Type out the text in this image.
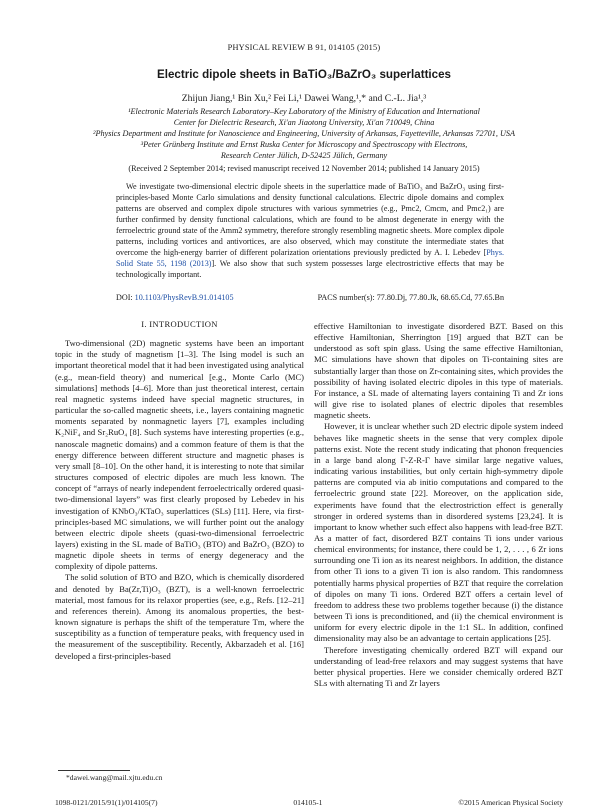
PHYSICAL REVIEW B 91, 014105 (2015)
Electric dipole sheets in BaTiO₃/BaZrO₃ superlattices
Zhijun Jiang,¹ Bin Xu,² Fei Li,¹ Dawei Wang,¹,* and C.-L. Jia¹,³
¹Electronic Materials Research Laboratory–Key Laboratory of the Ministry of Education and International
Center for Dielectric Research, Xi'an Jiaotong University, Xi'an 710049, China
²Physics Department and Institute for Nanoscience and Engineering, University of Arkansas, Fayetteville, Arkansas 72701, USA
³Peter Grünberg Institute and Ernst Ruska Center for Microscopy and Spectroscopy with Electrons,
Research Center Jülich, D-52425 Jülich, Germany
(Received 2 September 2014; revised manuscript received 12 November 2014; published 14 January 2015)

We investigate two-dimensional electric dipole sheets in the superlattice made of BaTiO₃ and BaZrO₃ using first-principles-based Monte Carlo simulations and density functional calculations. Electric dipole domains and complex patterns are observed and complex dipole structures with various symmetries (e.g., Pmc2, Cmcm, and Pmc2₁) are further confirmed by density functional calculations, which are found to be almost degenerate in energy with the ferroelectric ground state of the Amm2 symmetry, therefore strongly resembling magnetic sheets. More complex dipole patterns, including vortices and antivortices, are also observed, which may constitute the intermediate states that overcome the high-energy barrier of different polarization orientations previously predicted by A. I. Lebedev [Phys. Solid State 55, 1198 (2013)]. We also show that such system possesses large electrostrictive effects that may be technologically important.

DOI: 10.1103/PhysRevB.91.014105	PACS number(s): 77.80.Dj, 77.80.Jk, 68.65.Cd, 77.65.Bn
I. INTRODUCTION

Two-dimensional (2D) magnetic systems have been an important topic in the study of magnetism [1–3]. The Ising model is such an important theoretical model that it had been investigated using analytical (e.g., mean-field theory) and numerical [e.g., Monte Carlo (MC) simulations] methods [4–6]. More than just theoretical interest, certain real magnetic systems indeed have special magnetic structures, in particular the so-called magnetic sheets, i.e., layers containing magnetic moments separated by nonmagnetic layers [7], examples including K₂NiF₄ and Sr₂RuO₄ [8]. Such systems have interesting properties (e.g., nanoscale magnetic domains) and a common feature of them is that the energy difference between different structure and magnetic phases is very small [8–10]. On the other hand, it is interesting to note that similar structures composed of electric dipoles are much less known. The concept of “arrays of nearly independent ferroelectrically ordered quasi-two-dimensional layers” was first clearly proposed by Lebedev in his investigation of KNbO₃/KTaO₃ superlattices (SLs) [11]. Here, via first-principles-based MC simulations, we will further point out the analogy between electric dipole sheets (quasi-two-dimensional ferroelectric layers) existing in the SL made of BaTiO₃ (BTO) and BaZrO₃ (BZO) to magnetic dipole sheets in terms of energy degeneracy and the complexity of dipole patterns.

The solid solution of BTO and BZO, which is chemically disordered and denoted by Ba(Zr,Ti)O₃ (BZT), is a well-known ferroelectric material, most famous for its relaxor properties (see, e.g., Refs. [12–21] and references therein). Among its anomalous properties, the best-known signature is perhaps the shift of the temperature Tm, where the susceptibility as a function of temperature peaks, with frequency used in the measurement of the susceptibility. Recently, Akbarzadeh et al. [16] developed a first-principles-based

effective Hamiltonian to investigate disordered BZT. Based on this effective Hamiltonian, Sherrington [19] argued that BZT can be understood as soft spin glass. Using the same effective Hamiltonian, MC simulations have shown that dipoles on Ti-containing sites are substantially larger than those on Zr-containing sites, which provides the possibility of having isolated electric dipoles in this type of materials. For instance, a SL made of alternating layers containing Ti and Zr ions will give rise to isolated planes of electric dipoles that resembles magnetic sheets.

However, it is unclear whether such 2D electric dipole system indeed behaves like magnetic sheets in the sense that very complex dipole patterns exist. Note the recent study indicating that phonon frequencies in a large band along Γ-Z-R-Γ have similar large negative values, indicating various instabilities, but only certain high-symmetry dipole patterns are computed via ab initio computations and compared to the ferroelectric ground state [22]. Moreover, on the application side, experiments have found that the electrostriction effect is generally stronger in ordered systems than in disordered systems [23,24]. It is important to know whether such effect also happens with lead-free BZT. As a matter of fact, disordered BZT contains Ti ions under various chemical environments; for instance, there could be 1, 2, . . . , 6 Zr ions surrounding one Ti ion as its nearest neighbors. In addition, the distance from other Ti ions to a given Ti ion is also random. This randomness potentially harms physical properties of BZT that require the correlation of dipoles on many Ti ions. Ordered BZT offers a certain level of freedom to address these two problems together because (i) the distance between Ti ions is preconditioned, and (ii) the chemical environment is uniform for every electric dipole in the 1:1 SL. In addition, confined dimensionality may also be an advantage to certain applications [25].

Therefore investigating chemically ordered BZT will expand our understanding of lead-free relaxors and may suggest systems that have better physical properties. Here we consider chemically ordered BZT SLs with alternating Ti and Zr layers

*dawei.wang@mail.xjtu.edu.cn
1098-0121/2015/91(1)/014105(7)	014105-1	©2015 American Physical Society
